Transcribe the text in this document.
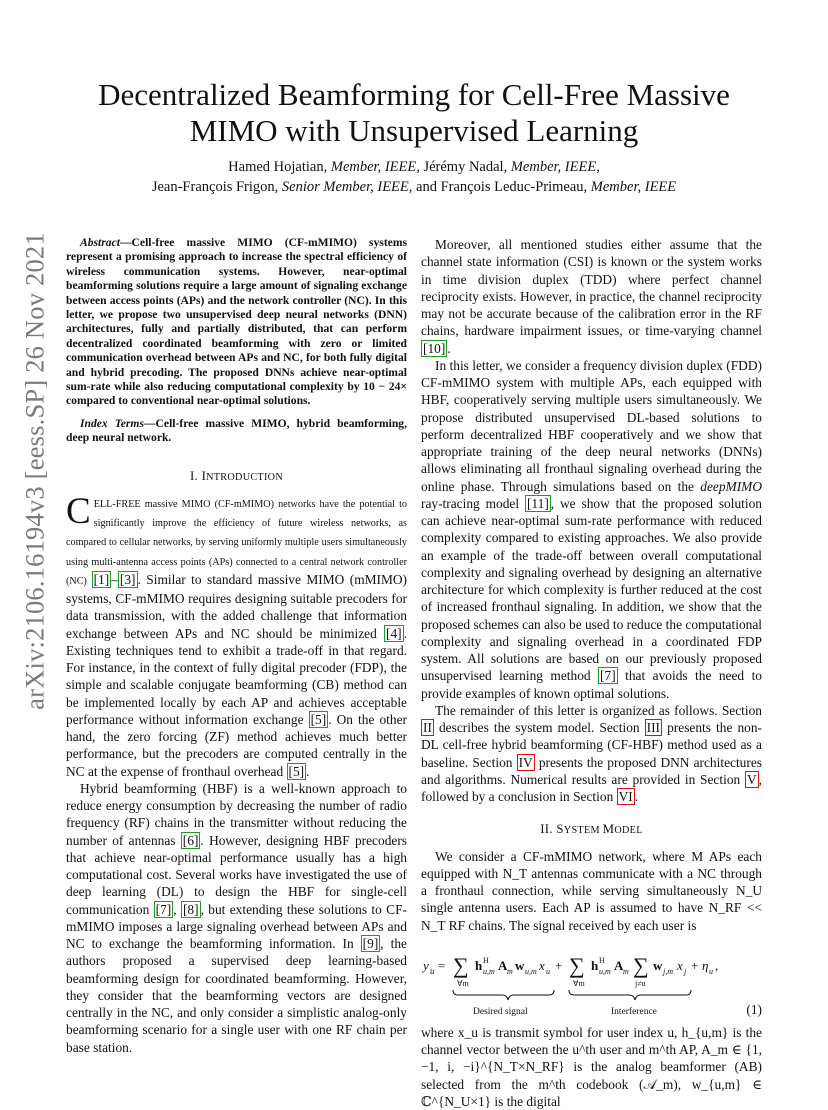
arXiv:2106.16194v3 [eess.SP] 26 Nov 2021
Decentralized Beamforming for Cell-Free Massive
MIMO with Unsupervised Learning
Hamed Hojatian, Member, IEEE, Jérémy Nadal, Member, IEEE,
Jean-François Frigon, Senior Member, IEEE, and François Leduc-Primeau, Member, IEEE

Abstract—Cell-free massive MIMO (CF-mMIMO) systems represent a promising approach to increase the spectral efficiency of wireless communication systems. However, near-optimal beamforming solutions require a large amount of signaling exchange between access points (APs) and the network controller (NC). In this letter, we propose two unsupervised deep neural networks (DNN) architectures, fully and partially distributed, that can perform decentralized coordinated beamforming with zero or limited communication overhead between APs and NC, for both fully digital and hybrid precoding. The proposed DNNs achieve near-optimal sum-rate while also reducing computational complexity by 10 − 24× compared to conventional near-optimal solutions.

Index Terms—Cell-free massive MIMO, hybrid beamforming, deep neural network.

I. INTRODUCTION

CELL-FREE massive MIMO (CF-mMIMO) networks have the potential to significantly improve the efficiency of future wireless networks, as compared to cellular networks, by serving uniformly multiple users simultaneously using multi-antenna access points (APs) connected to a central network controller (NC) [1] – [3] . Similar to standard massive MIMO (mMIMO) systems, CF-mMIMO requires designing suitable precoders for data transmission, with the added challenge that information exchange between APs and NC should be minimized [4] . Existing techniques tend to exhibit a trade-off in that regard. For instance, in the context of fully digital precoder (FDP), the simple and scalable conjugate beamforming (CB) method can be implemented locally by each AP and achieves acceptable performance without information exchange [5] . On the other hand, the zero forcing (ZF) method achieves much better performance, but the precoders are computed centrally in the NC at the expense of fronthaul overhead [5] .

Hybrid beamforming (HBF) is a well-known approach to reduce energy consumption by decreasing the number of radio frequency (RF) chains in the transmitter without reducing the number of antennas [6] . However, designing HBF precoders that achieve near-optimal performance usually has a high computational cost. Several works have investigated the use of deep learning (DL) to design the HBF for single-cell communication [7] , [8] , but extending these solutions to CF-mMIMO imposes a large signaling overhead between APs and NC to exchange the beamforming information. In [9] , the authors proposed a supervised deep learning-based beamforming design for coordinated beamforming. However, they consider that the beamforming vectors are designed centrally in the NC, and only consider a simplistic analog-only beamforming scenario for a single user with one RF chain per base station.

Moreover, all mentioned studies either assume that the channel state information (CSI) is known or the system works in time division duplex (TDD) where perfect channel reciprocity exists. However, in practice, the channel reciprocity may not be accurate because of the calibration error in the RF chains, hardware impairment issues, or time-varying channel [10] .

In this letter, we consider a frequency division duplex (FDD) CF-mMIMO system with multiple APs, each equipped with HBF, cooperatively serving multiple users simultaneously. We propose distributed unsupervised DL-based solutions to perform decentralized HBF cooperatively and we show that appropriate training of the deep neural networks (DNNs) allows eliminating all fronthaul signaling overhead during the online phase. Through simulations based on the deepMIMO ray-tracing model [11] , we show that the proposed solution can achieve near-optimal sum-rate performance with reduced complexity compared to existing approaches. We also provide an example of the trade-off between overall computational complexity and signaling overhead by designing an alternative architecture for which complexity is further reduced at the cost of increased fronthaul signaling. In addition, we show that the proposed schemes can also be used to reduce the computational complexity and signaling overhead in a coordinated FDP system. All solutions are based on our previously proposed unsupervised learning method [7] that avoids the need to provide examples of known optimal solutions.

The remainder of this letter is organized as follows. Section II describes the system model. Section III presents the non-DL cell-free hybrid beamforming (CF-HBF) method used as a baseline. Section IV presents the proposed DNN architectures and algorithms. Numerical results are provided in Section V , followed by a conclusion in Section VI .

II. SYSTEM MODEL

We consider a CF-mMIMO network, where M APs each equipped with N_T antennas communicate with a NC through a fronthaul connection, while serving simultaneously N_U single antenna users. Each AP is assumed to have N_RF << N_T RF chains. The signal received by each user is

y u = ∑
∀m
h H
u,m A m w u,m x u + ∑
∀m
h H
u,m A m ∑
j≠u
w j,m x j + η u ,
Desired signal	Interference	(1)

where x_u is transmit symbol for user index u, h_{u,m} is the channel vector between the u^th user and m^th AP, A_m ∈ {1, −1, i, −i}^{N_T×N_RF} is the analog beamformer (AB) selected from the m^th codebook (𝒜_m), w_{u,m} ∈ ℂ^{N_U×1} is the digital
